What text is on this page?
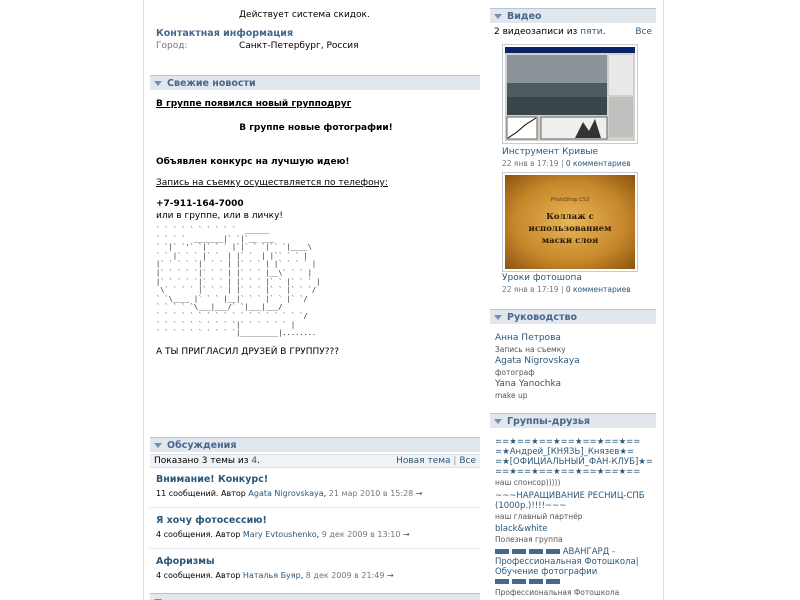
Действует система скидок.
Контактная информация
Город:	Санкт-Петербург, Россия
Свежие новости
В группе появился новый групподруг
В группе новые фотографии!
Объявлен конкурс на лучшую идею!
Запись на съемку осуществляется по телефону:
+7-911-164-7000
или в группе, или в личку!
` ` ` ` ` ` ` ` ` `  ______
` ` ` `  _______|` `|`__ ___
` `|` `'` `|` ` ` |`|` ` `|`` `|____\
` ` |` ` ` |` `  | |` `  | |`` ` ` |
|` ` ` ` `|` ` ` | |` ` ` | |` ` ` ` |
|` ` ` ` `|` ` ` | |` ` ` |__\` ` ` |
|` ` ` ` `|` ` ` | |` ` ` |` ` |` ` ` |
\` ` ` ` |` ` ` | |` ` ` |` ` |` ` `/
` `\____ |` ` ` |__|` ` ` |` ` |` `/
` ` ` ` `\___|___/` `|___|___/
` ` ` ` ` ` ` ` ` ` ` ` ` ` ` ` ` `/
` ` ` ` ` ` ` ` ` `|` ` ` ` ` ` |
` ` ` ` ` ` ` ` ` `|_________|........
А ТЫ ПРИГЛАСИЛ ДРУЗЕЙ В ГРУППУ???
Обсуждения
Показано 3 темы из 4.	Новая тема | Все
Внимание! Конкурс!
11 сообщений. Автор Agata Nigrovskaya, 21 мар 2010 в 15:28 →
Я хочу фотосессию!
4 сообщения. Автор Mary Evtoushenko, 9 дек 2009 в 13:10 →
Афоризмы
4 сообщения. Автор Наталья Буяр, 8 дек 2009 в 21:49 →
Видео
2 видеозаписи из пяти.	Все
Инструмент Кривые
22 янв в 17:19 | 0 комментариев
PhotoShop CS3
Коллаж с использованием маски слоя
Уроки фотошопа
22 янв в 17:19 | 0 комментариев
Руководство
Анна Петрова
Запись на съемку
Agata Nigrovskaya
фотограф
Yana Yanochka
make up
Группы-друзья
==★==★==★==★==★==★==
=★Андрей_[КНЯЗЬ]_Князев★= =★[ОФИЦИАЛЬНЫЙ_ФАН-КЛУБ]★=
==★==★==★==★==★==★==
наш спонсор)))))
~~~НАРАЩИВАНИЕ РЕСНИЦ-СПБ (1000р.)!!!!~~~
наш главный партнёр
black&white
Полезная группа
АВАНГАРД - Профессиональная Фотошкола| Обучение фотографии
Профессиональная Фотошкола
